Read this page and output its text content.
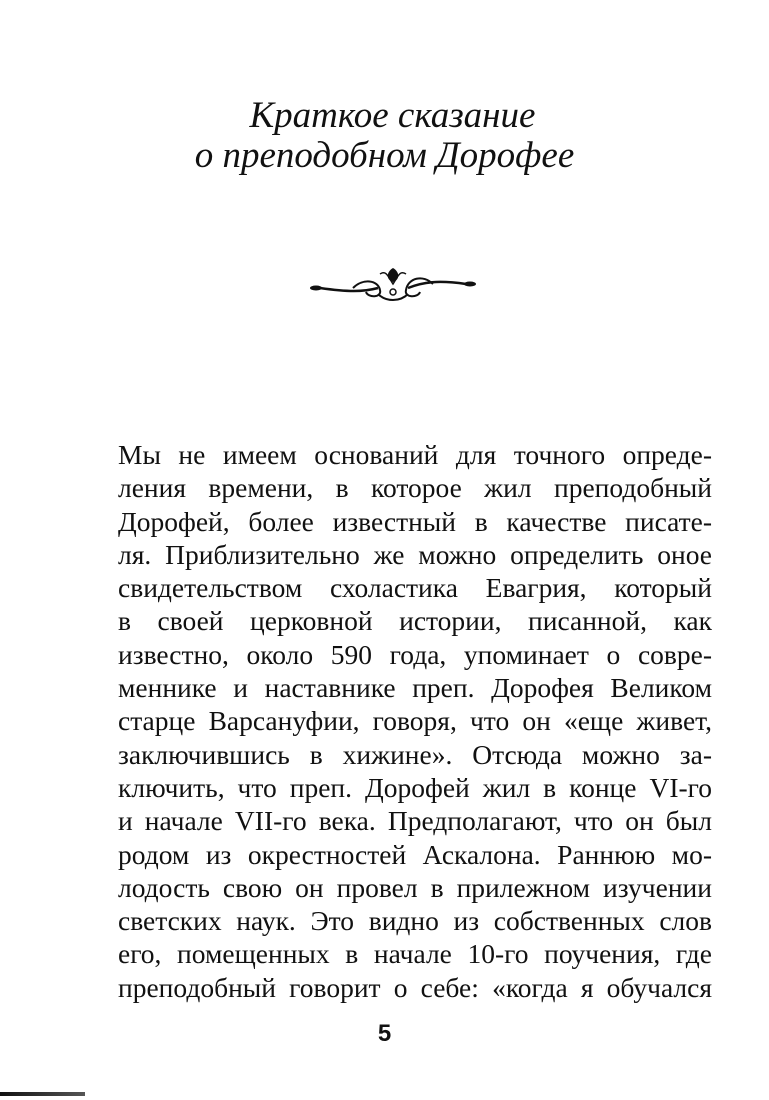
Краткое сказание
о преподобном Дорофее
Мы не имеем оснований для точного опреде-
ления времени, в которое жил преподобный
Дорофей, более известный в качестве писате-
ля. Приблизительно же можно определить оное
свидетельством схоластика Евагрия, который
в своей церковной истории, писанной, как
известно, около 590 года, упоминает о совре-
меннике и наставнике преп. Дорофея Великом
старце Варсануфии, говоря, что он «еще живет,
заключившись в хижине». Отсюда можно за-
ключить, что преп. Дорофей жил в конце VI-го
и начале VII-го века. Предполагают, что он был
родом из окрестностей Аскалона. Раннюю мо-
лодость свою он провел в прилежном изучении
светских наук. Это видно из собственных слов
его, помещенных в начале 10-го поучения, где
преподобный говорит о себе: «когда я обучался
5
